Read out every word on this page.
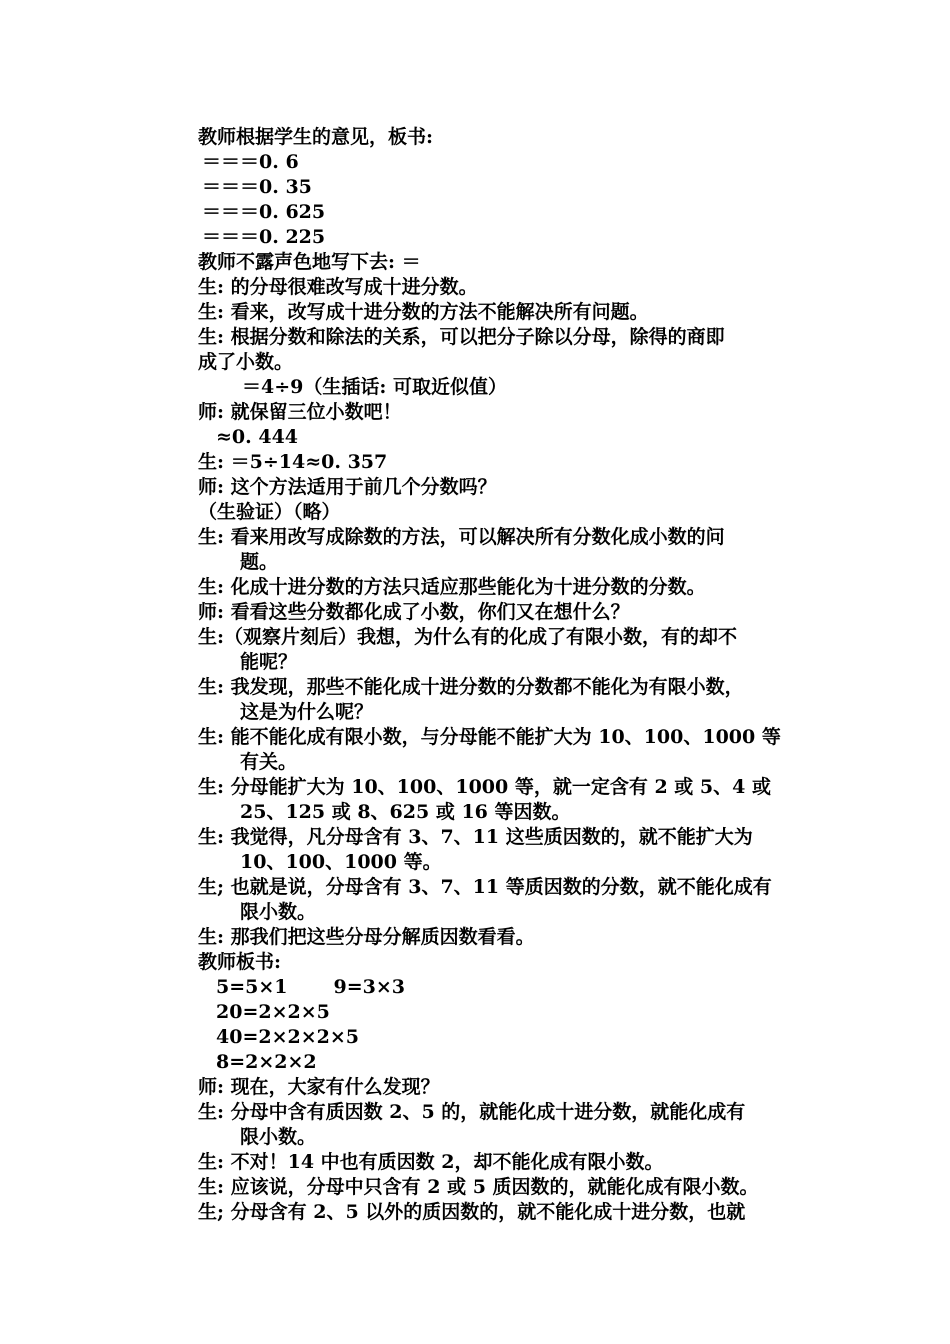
教师根据学生的意见，板书:
＝＝＝0. 6
＝＝＝0. 35
＝＝＝0. 625
＝＝＝0. 225
教师不露声色地写下去: ＝
生: 的分母很难改写成十进分数。
生: 看来，改写成十进分数的方法不能解决所有问题。
生: 根据分数和除法的关系，可以把分子除以分母，除得的商即
成了小数。
＝4÷9（生插话: 可取近似值）
师: 就保留三位小数吧！
≈0. 444
生: ＝5÷14≈0. 357
师: 这个方法适用于前几个分数吗？
（生验证）（略）
生: 看来用改写成除数的方法，可以解决所有分数化成小数的问
题。
生: 化成十进分数的方法只适应那些能化为十进分数的分数。
师: 看看这些分数都化成了小数，你们又在想什么？
生:（观察片刻后）我想，为什么有的化成了有限小数，有的却不
能呢？
生: 我发现，那些不能化成十进分数的分数都不能化为有限小数，
这是为什么呢？
生: 能不能化成有限小数，与分母能不能扩大为 10、100、1000 等
有关。
生: 分母能扩大为 10、100、1000 等，就一定含有 2 或 5、4 或
25、125 或 8、625 或 16 等因数。
生: 我觉得，凡分母含有 3、7、11 这些质因数的，就不能扩大为
10、100、1000 等。
生; 也就是说，分母含有 3、7、11 等质因数的分数，就不能化成有
限小数。
生: 那我们把这些分母分解质因数看看。
教师板书:
5=5×1 9=3×3
20=2×2×5
40=2×2×2×5
8=2×2×2
师: 现在，大家有什么发现？
生: 分母中含有质因数 2、5 的，就能化成十进分数，就能化成有
限小数。
生: 不对！14 中也有质因数 2，却不能化成有限小数。
生: 应该说，分母中只含有 2 或 5 质因数的，就能化成有限小数。
生; 分母含有 2、5 以外的质因数的，就不能化成十进分数，也就
